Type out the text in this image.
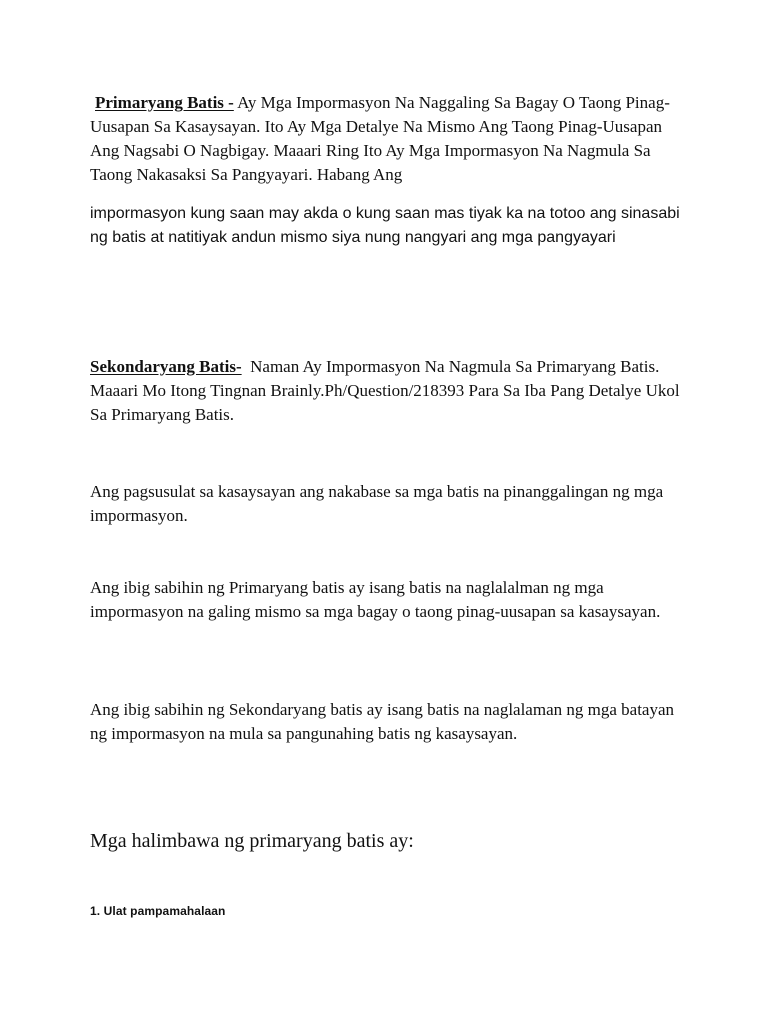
Primaryang Batis - Ay Mga Impormasyon Na Naggaling Sa Bagay O Taong Pinag-Uusapan Sa Kasaysayan. Ito Ay Mga Detalye Na Mismo Ang Taong Pinag-Uusapan Ang Nagsabi O Nagbigay. Maaari Ring Ito Ay Mga Impormasyon Na Nagmula Sa Taong Nakasaksi Sa Pangyayari. Habang Ang

impormasyon kung saan may akda o kung saan mas tiyak ka na totoo ang sinasabi ng batis at natitiyak andun mismo siya nung nangyari ang mga pangyayari

Sekondaryang Batis-  Naman Ay Impormasyon Na Nagmula Sa Primaryang Batis. Maaari Mo Itong Tingnan Brainly.Ph/Question/218393 Para Sa Iba Pang Detalye Ukol Sa Primaryang Batis.

Ang pagsusulat sa kasaysayan ang nakabase sa mga batis na pinanggalingan ng mga impormasyon.

Ang ibig sabihin ng Primaryang batis ay isang batis na naglalalman ng mga impormasyon na galing mismo sa mga bagay o taong pinag-uusapan sa kasaysayan.

Ang ibig sabihin ng Sekondaryang batis ay isang batis na naglalaman ng mga batayan ng impormasyon na mula sa pangunahing batis ng kasaysayan.

Mga halimbawa ng primaryang batis ay:

1. Ulat pampamahalaan
